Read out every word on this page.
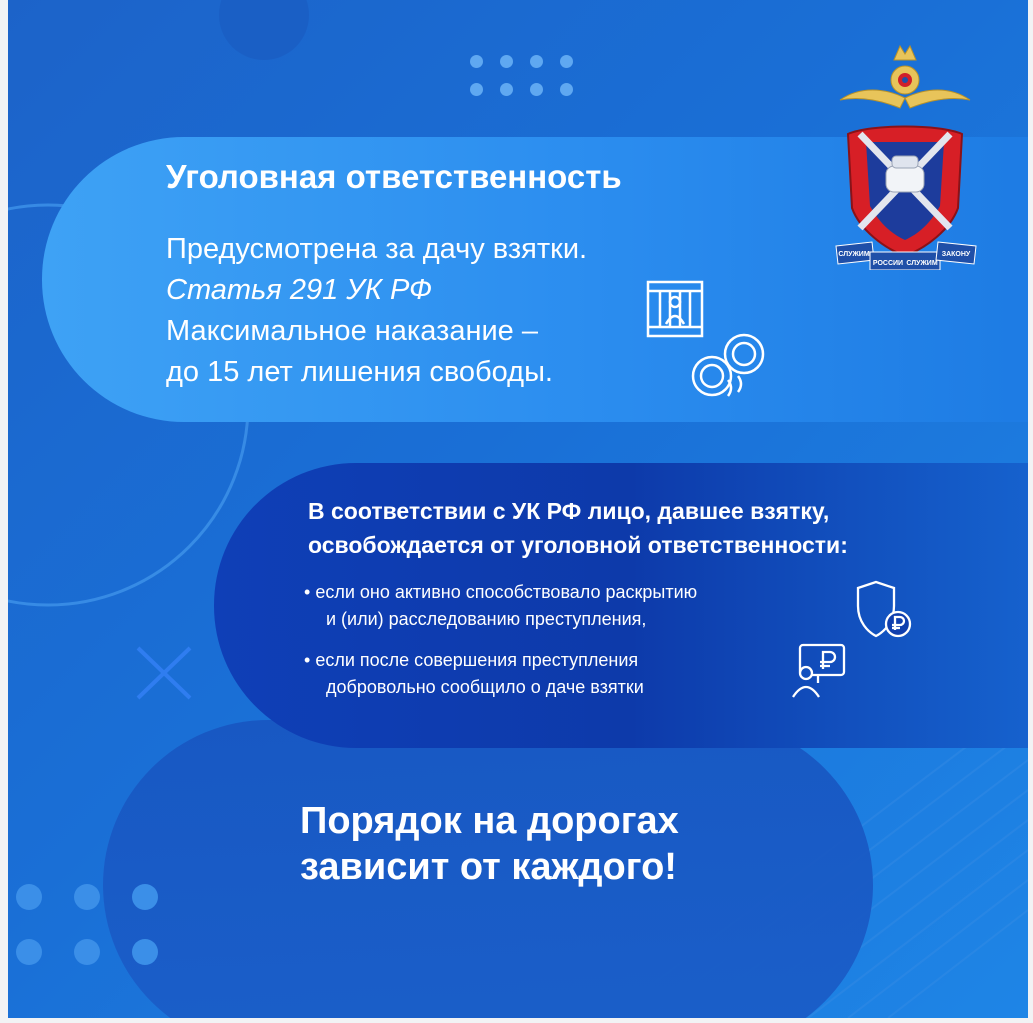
Уголовная ответственность
Предусмотрена за дачу взятки.
Статья 291 УК РФ
Максимальное наказание –
до 15 лет лишения свободы.
В соответствии с УК РФ лицо, давшее взятку,
освобождается от уголовной ответственности:
• если оно активно способствовало раскрытию
и (или) расследованию преступления,
• если после совершения преступления
добровольно сообщило о даче взятки
Порядок на дорогах
зависит от каждого!
СЛУЖИМ
РОССИИ СЛУЖИМ
ЗАКОНУ
